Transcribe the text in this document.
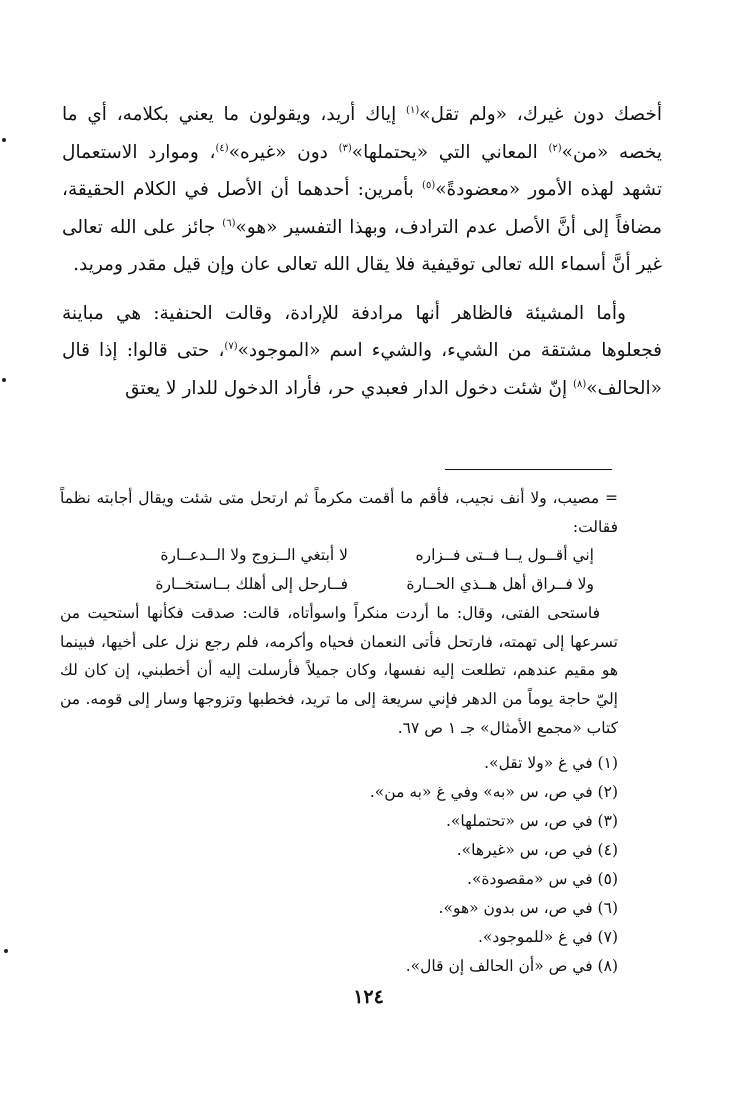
أخصك دون غيرك، «ولم تقل»$^{(١)}$ إياك أريد، ويقولون ما يعني بكلامه، أي ما يخصه «من»$^{(٢)}$ المعاني التي «يحتملها»$^{(٣)}$ دون «غيره»$^{(٤)}$، وموارد الاستعمال تشهد لهذه الأمور «معضودةً»$^{(٥)}$ بأمرين: أحدهما أن الأصل في الكلام الحقيقة، مضافاً إلى أنَّ الأصل عدم الترادف، وبهذا التفسير «هو»$^{(٦)}$ جائز على الله تعالى غير أنَّ أسماء الله تعالى توقيفية فلا يقال الله تعالى عان وإن قيل مقدر ومريد.

وأما المشيئة فالظاهر أنها مرادفة للإرادة، وقالت الحنفية: هي مباينة فجعلوها مشتقة من الشيء، والشيء اسم «الموجود»$^{(٧)}$، حتى قالوا: إذا قال «الحالف»$^{(٨)}$ إنّ شئت دخول الدار فعبدي حر، فأراد الدخول للدار لا يعتق

= مصيب، ولا أنف نجيب، فأقم ما أقمت مكرماً ثم ارتحل متى شئت ويقال أجابته نظماً فقالت:

إني أقــول يــا فــتى فــزاره
لا أبتغي الــزوج ولا الــدعــارة
ولا فــراق أهل هــذي الحــارة
فــارحل إلى أهلك بــاستخــارة

فاستحى الفتى، وقال: ما أردت منكراً واسوأتاه، قالت: صدقت فكأنها أستحيت من تسرعها إلى تهمته، فارتحل فأتى النعمان فحياه وأكرمه، فلم رجع نزل على أخيها، فبينما هو مقيم عندهم، تطلعت إليه نفسها، وكان جميلاً فأرسلت إليه أن أخطبني، إن كان لك إليّ حاجة يوماً من الدهر فإني سريعة إلى ما تريد، فخطبها وتزوجها وسار إلى قومه. من كتاب «مجمع الأمثال» جـ ١ ص ٦٧.

(١) في غ «ولا تقل».
(٢) في ص، س «به» وفي غ «به من».
(٣) في ص، س «تحتملها».
(٤) في ص، س «غيرها».
(٥) في س «مقصودة».
(٦) في ص، س بدون «هو».
(٧) في غ «للموجود».
(٨) في ص «أن الحالف إن قال».
١٢٤
